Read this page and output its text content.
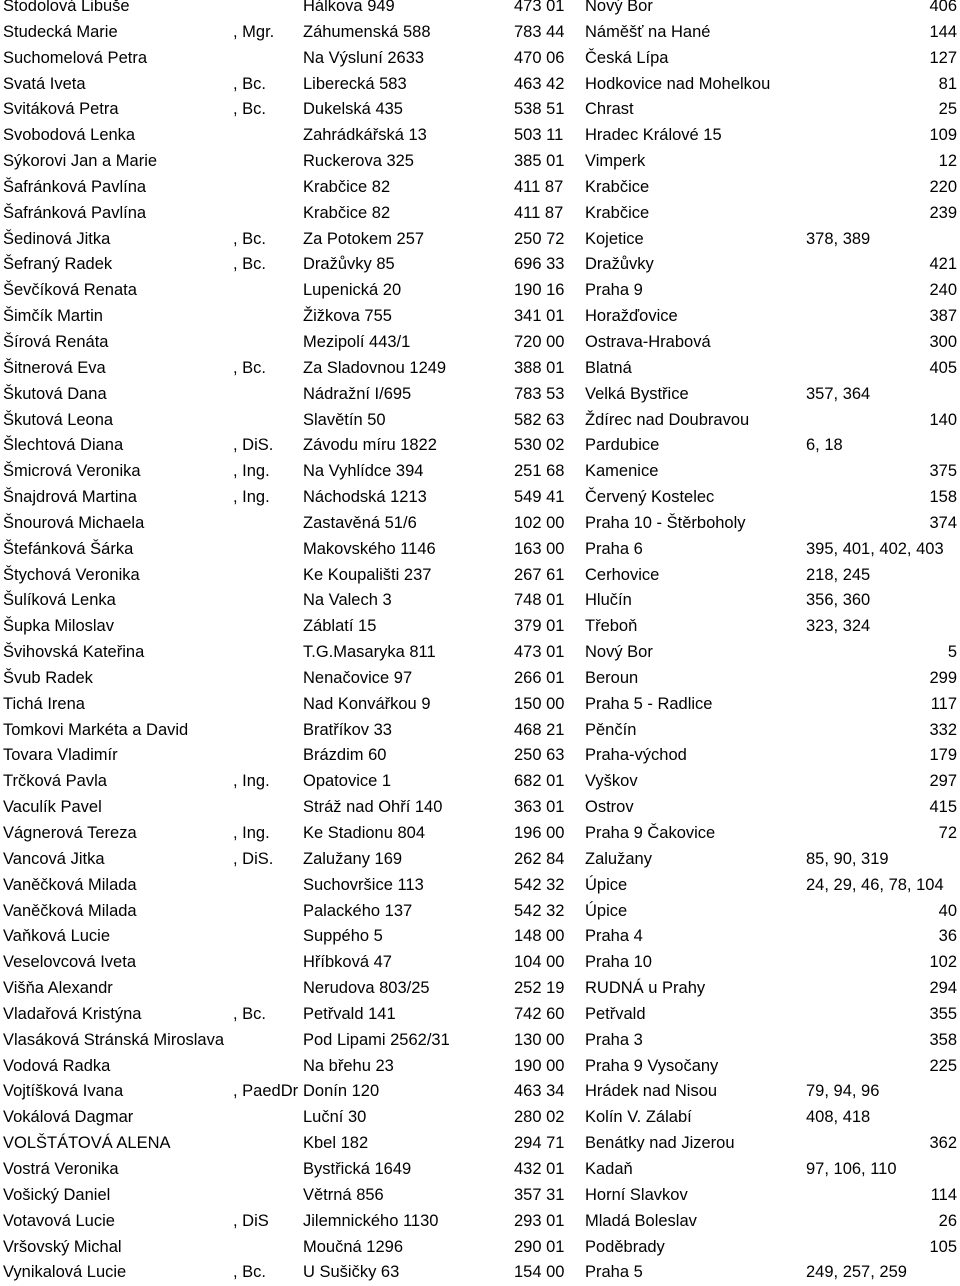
Stodolová Libuše	Hálkova 949	473 01 Nový Bor	406
Studecká Marie	, Mgr. Záhumenská 588	783 44 Náměšť na Hané	144
Suchomelová Petra	Na Výsluní 2633	470 06 Česká Lípa	127
Svatá Iveta	, Bc. Liberecká 583	463 42 Hodkovice nad Mohelkou	81
Svitáková Petra	, Bc. Dukelská 435	538 51 Chrast	25
Svobodová Lenka	Zahrádkářská 13	503 11 Hradec Králové 15	109
Sýkorovi Jan a Marie	Ruckerova 325	385 01 Vimperk	12
Šafránková Pavlína	Krabčice 82	411 87 Krabčice	220
Šafránková Pavlína	Krabčice 82	411 87 Krabčice	239
Šedinová Jitka	, Bc. Za Potokem 257	250 72 Kojetice	378, 389
Šefraný Radek	, Bc. Dražůvky 85	696 33 Dražůvky	421
Ševčíková Renata	Lupenická 20	190 16 Praha 9	240
Šimčík Martin	Žižkova 755	341 01 Horažďovice	387
Šírová Renáta	Mezipolí 443/1	720 00 Ostrava-Hrabová	300
Šitnerová Eva	, Bc. Za Sladovnou 1249	388 01 Blatná	405
Škutová Dana	Nádražní I/695	783 53 Velká Bystřice	357, 364
Škutová Leona	Slavětín 50	582 63 Ždírec nad Doubravou	140
Šlechtová Diana	, DiS. Závodu míru 1822	530 02 Pardubice	6, 18
Šmicrová Veronika	, Ing. Na Vyhlídce 394	251 68 Kamenice	375
Šnajdrová Martina	, Ing. Náchodská 1213	549 41 Červený Kostelec	158
Šnourová Michaela	Zastavěná 51/6	102 00 Praha 10 - Štěrboholy	374
Štefánková Šárka	Makovského 1146	163 00 Praha 6	395, 401, 402, 403
Štychová Veronika	Ke Koupališti 237	267 61 Cerhovice	218, 245
Šulíková Lenka	Na Valech 3	748 01 Hlučín	356, 360
Šupka Miloslav	Záblatí 15	379 01 Třeboň	323, 324
Švihovská Kateřina	T.G.Masaryka 811	473 01 Nový Bor	5
Švub Radek	Nenačovice 97	266 01 Beroun	299
Tichá Irena	Nad Konvářkou 9	150 00 Praha 5 - Radlice	117
Tomkovi Markéta a David	Bratříkov 33	468 21 Pěnčín	332
Tovara Vladimír	Brázdim 60	250 63 Praha-východ	179
Trčková Pavla	, Ing. Opatovice 1	682 01 Vyškov	297
Vaculík Pavel	Stráž nad Ohří 140	363 01 Ostrov	415
Vágnerová Tereza	, Ing. Ke Stadionu 804	196 00 Praha 9 Čakovice	72
Vancová Jitka	, DiS. Zalužany 169	262 84 Zalužany	85, 90, 319
Vaněčková Milada	Suchovršice 113	542 32 Úpice	24, 29, 46, 78, 104
Vaněčková Milada	Palackého 137	542 32 Úpice	40
Vaňková Lucie	Suppého 5	148 00 Praha 4	36
Veselovcová Iveta	Hříbková 47	104 00 Praha 10	102
Višňa Alexandr	Nerudova 803/25	252 19 RUDNÁ u Prahy	294
Vladařová Kristýna	, Bc. Petřvald 141	742 60 Petřvald	355
Vlasáková Stránská Miroslava	Pod Lipami 2562/31	130 00 Praha 3	358
Vodová Radka	Na břehu 23	190 00 Praha 9 Vysočany	225
Vojtíšková Ivana	, PaedDr Donín 120	463 34 Hrádek nad Nisou	79, 94, 96
Vokálová Dagmar	Luční 30	280 02 Kolín V. Zálabí	408, 418
VOLŠTÁTOVÁ ALENA	Kbel 182	294 71 Benátky nad Jizerou	362
Vostrá Veronika	Bystřická 1649	432 01 Kadaň	97, 106, 110
Vošický Daniel	Větrná 856	357 31 Horní Slavkov	114
Votavová Lucie	, DiS Jilemnického 1130	293 01 Mladá Boleslav	26
Vršovský Michal	Moučná 1296	290 01 Poděbrady	105
Vynikalová Lucie	, Bc. U Sušičky 63	154 00 Praha 5	249, 257, 259
